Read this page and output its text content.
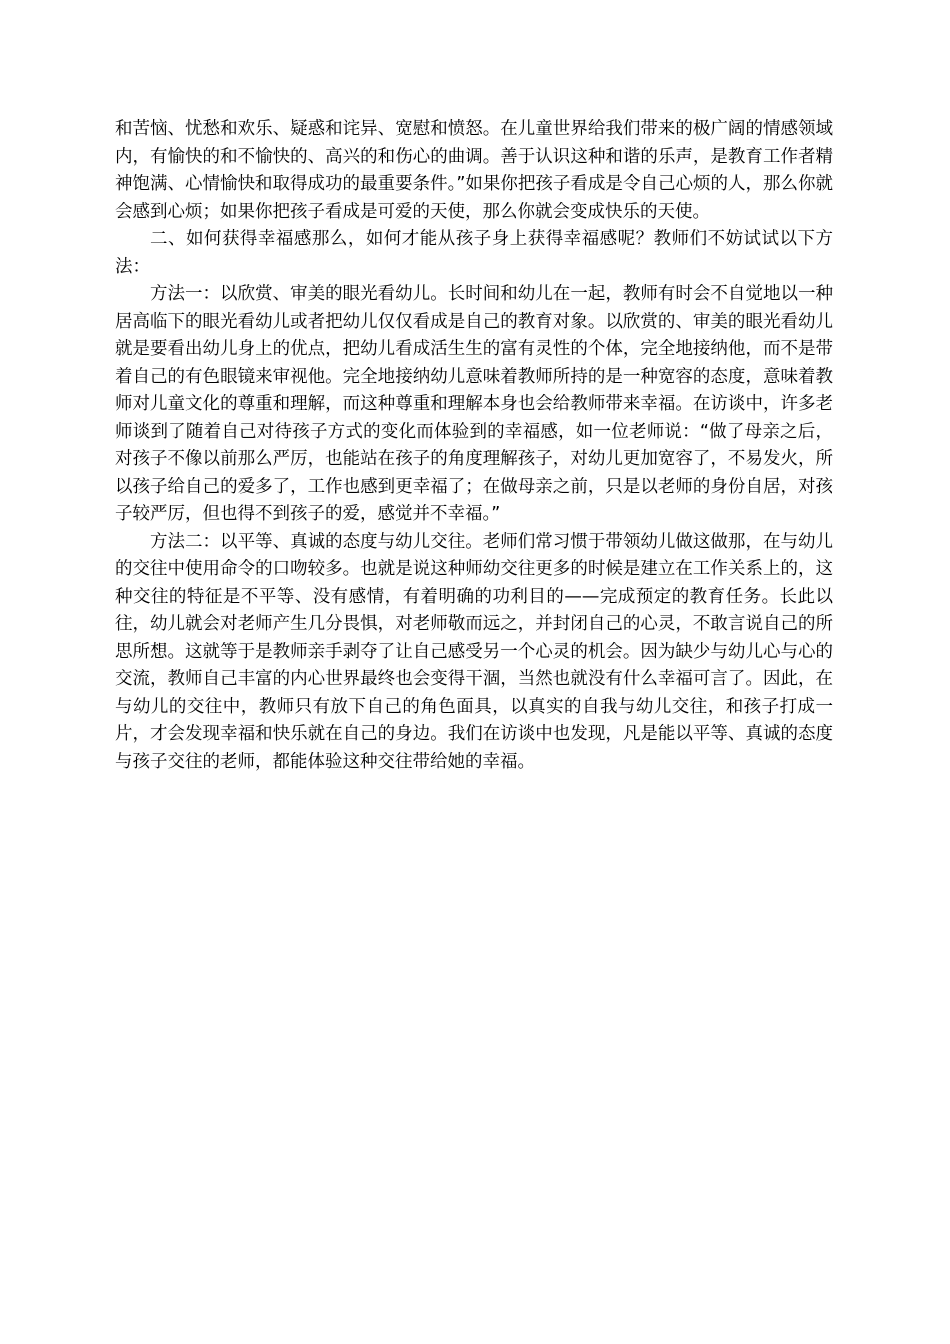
和苦恼、忧愁和欢乐、疑惑和诧异、宽慰和愤怒。在儿童世界给我们带来的极广阔的情感领域内，有愉快的和不愉快的、高兴的和伤心的曲调。善于认识这种和谐的乐声，是教育工作者精神饱满、心情愉快和取得成功的最重要条件。”如果你把孩子看成是令自己心烦的人，那么你就会感到心烦；如果你把孩子看成是可爱的天使，那么你就会变成快乐的天使。

二、如何获得幸福感那么，如何才能从孩子身上获得幸福感呢？教师们不妨试试以下方法：

方法一：以欣赏、审美的眼光看幼儿。长时间和幼儿在一起，教师有时会不自觉地以一种居高临下的眼光看幼儿或者把幼儿仅仅看成是自己的教育对象。以欣赏的、审美的眼光看幼儿就是要看出幼儿身上的优点，把幼儿看成活生生的富有灵性的个体，完全地接纳他，而不是带着自己的有色眼镜来审视他。完全地接纳幼儿意味着教师所持的是一种宽容的态度，意味着教师对儿童文化的尊重和理解，而这种尊重和理解本身也会给教师带来幸福。在访谈中，许多老师谈到了随着自己对待孩子方式的变化而体验到的幸福感，如一位老师说：“做了母亲之后，对孩子不像以前那么严厉，也能站在孩子的角度理解孩子，对幼儿更加宽容了，不易发火，所以孩子给自己的爱多了，工作也感到更幸福了；在做母亲之前，只是以老师的身份自居，对孩子较严厉，但也得不到孩子的爱，感觉并不幸福。”

方法二：以平等、真诚的态度与幼儿交往。老师们常习惯于带领幼儿做这做那，在与幼儿的交往中使用命令的口吻较多。也就是说这种师幼交往更多的时候是建立在工作关系上的，这种交往的特征是不平等、没有感情，有着明确的功利目的——完成预定的教育任务。长此以往，幼儿就会对老师产生几分畏惧，对老师敬而远之，并封闭自己的心灵，不敢言说自己的所思所想。这就等于是教师亲手剥夺了让自己感受另一个心灵的机会。因为缺少与幼儿心与心的交流，教师自己丰富的内心世界最终也会变得干涸，当然也就没有什么幸福可言了。因此，在与幼儿的交往中，教师只有放下自己的角色面具，以真实的自我与幼儿交往，和孩子打成一片，才会发现幸福和快乐就在自己的身边。我们在访谈中也发现，凡是能以平等、真诚的态度与孩子交往的老师，都能体验这种交往带给她的幸福。
